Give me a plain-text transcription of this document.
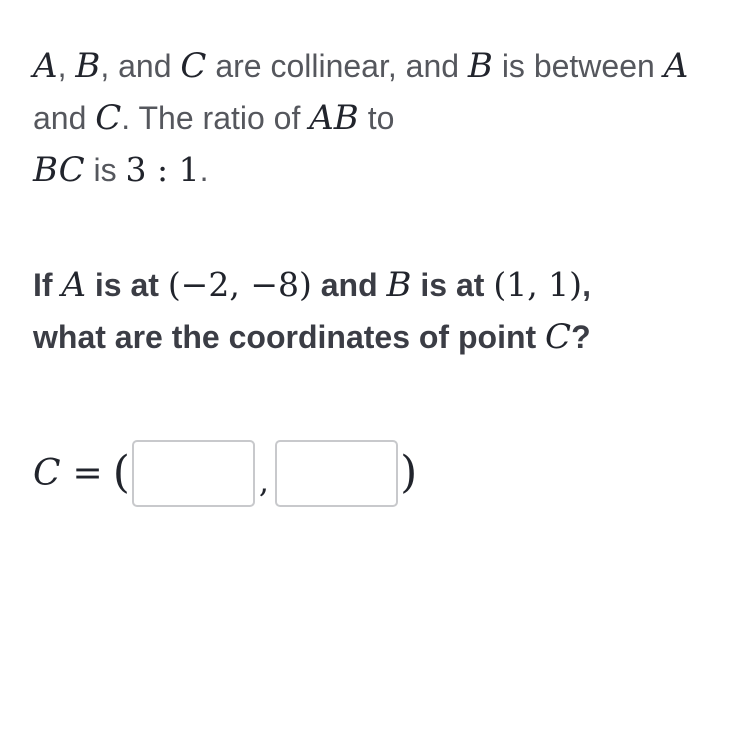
A, B, and C are collinear, and B is between A and C. The ratio of AB to
BC is 3 : 1.

If A is at (−2, −8) and B is at (1, 1),
what are the coordinates of point C?

C = (	,	)
